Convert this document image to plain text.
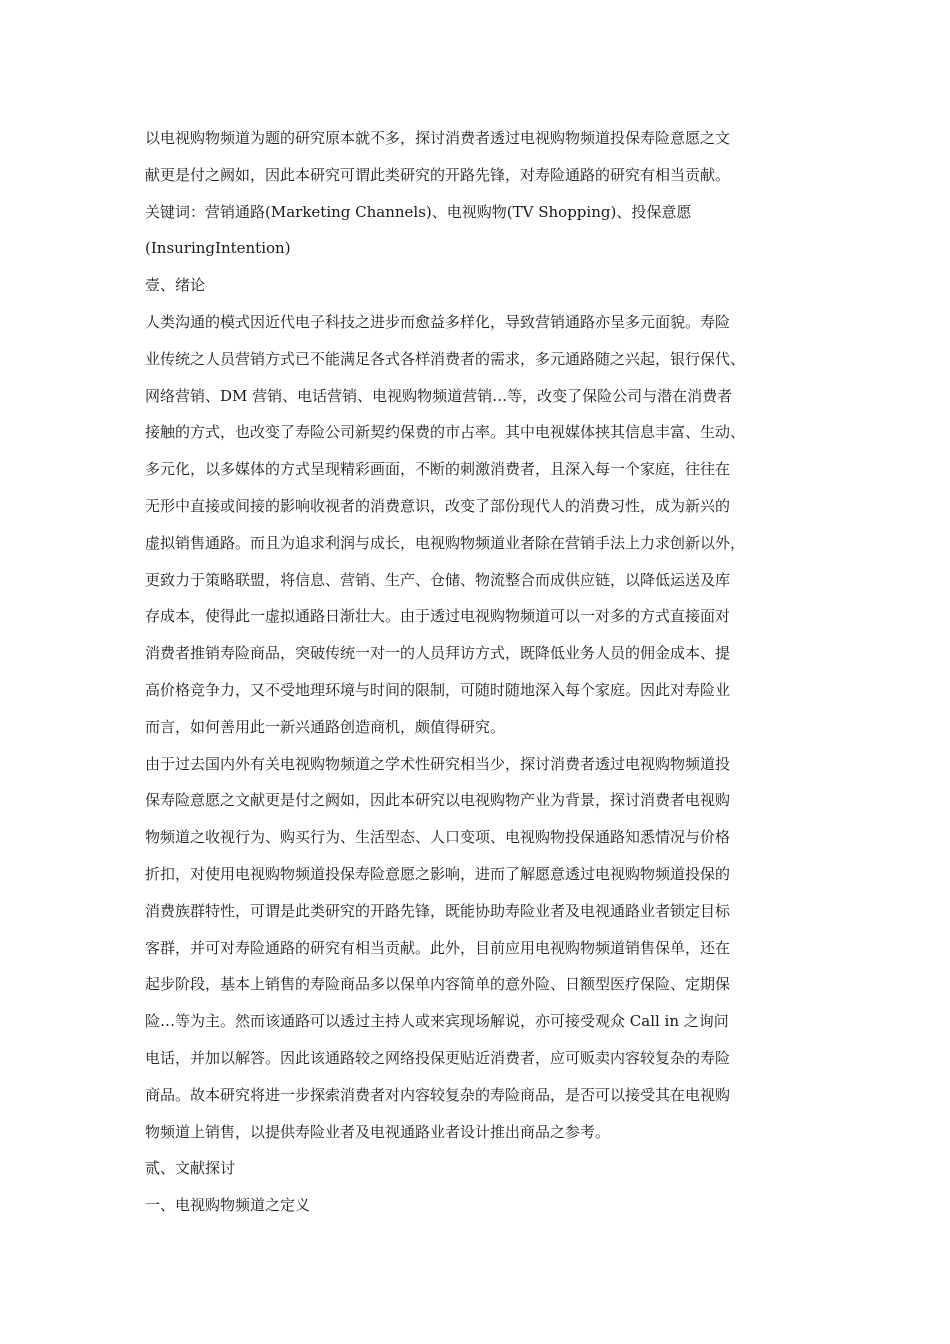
以电视购物频道为题的研究原本就不多，探讨消费者透过电视购物频道投保寿险意愿之文
献更是付之阙如，因此本研究可谓此类研究的开路先锋，对寿险通路的研究有相当贡献。
关键词：营销通路(Marketing Channels)、电视购物(TV Shopping)、投保意愿
(InsuringIntention)
壹、绪论
人类沟通的模式因近代电子科技之进步而愈益多样化，导致营销通路亦呈多元面貌。寿险
业传统之人员营销方式已不能满足各式各样消费者的需求，多元通路随之兴起，银行保代、
网络营销、DM 营销、电话营销、电视购物频道营销…等，改变了保险公司与潜在消费者
接触的方式，也改变了寿险公司新契约保费的市占率。其中电视媒体挟其信息丰富、生动、
多元化，以多媒体的方式呈现精彩画面，不断的刺激消费者，且深入每一个家庭，往往在
无形中直接或间接的影响收视者的消费意识，改变了部份现代人的消费习性，成为新兴的
虚拟销售通路。而且为追求利润与成长，电视购物频道业者除在营销手法上力求创新以外，
更致力于策略联盟，将信息、营销、生产、仓储、物流整合而成供应链，以降低运送及库
存成本，使得此一虚拟通路日渐壮大。由于透过电视购物频道可以一对多的方式直接面对
消费者推销寿险商品，突破传统一对一的人员拜访方式，既降低业务人员的佣金成本、提
高价格竞争力，又不受地理环境与时间的限制，可随时随地深入每个家庭。因此对寿险业
而言，如何善用此一新兴通路创造商机，颇值得研究。
由于过去国内外有关电视购物频道之学术性研究相当少，探讨消费者透过电视购物频道投
保寿险意愿之文献更是付之阙如，因此本研究以电视购物产业为背景，探讨消费者电视购
物频道之收视行为、购买行为、生活型态、人口变项、电视购物投保通路知悉情况与价格
折扣，对使用电视购物频道投保寿险意愿之影响，进而了解愿意透过电视购物频道投保的
消费族群特性，可谓是此类研究的开路先锋，既能协助寿险业者及电视通路业者锁定目标
客群，并可对寿险通路的研究有相当贡献。此外，目前应用电视购物频道销售保单，还在
起步阶段，基本上销售的寿险商品多以保单内容简单的意外险、日额型医疗保险、定期保
险…等为主。然而该通路可以透过主持人或来宾现场解说，亦可接受观众 Call in 之询问
电话，并加以解答。因此该通路较之网络投保更贴近消费者，应可贩卖内容较复杂的寿险
商品。故本研究将进一步探索消费者对内容较复杂的寿险商品，是否可以接受其在电视购
物频道上销售，以提供寿险业者及电视通路业者设计推出商品之参考。
贰、文献探讨
一、电视购物频道之定义
